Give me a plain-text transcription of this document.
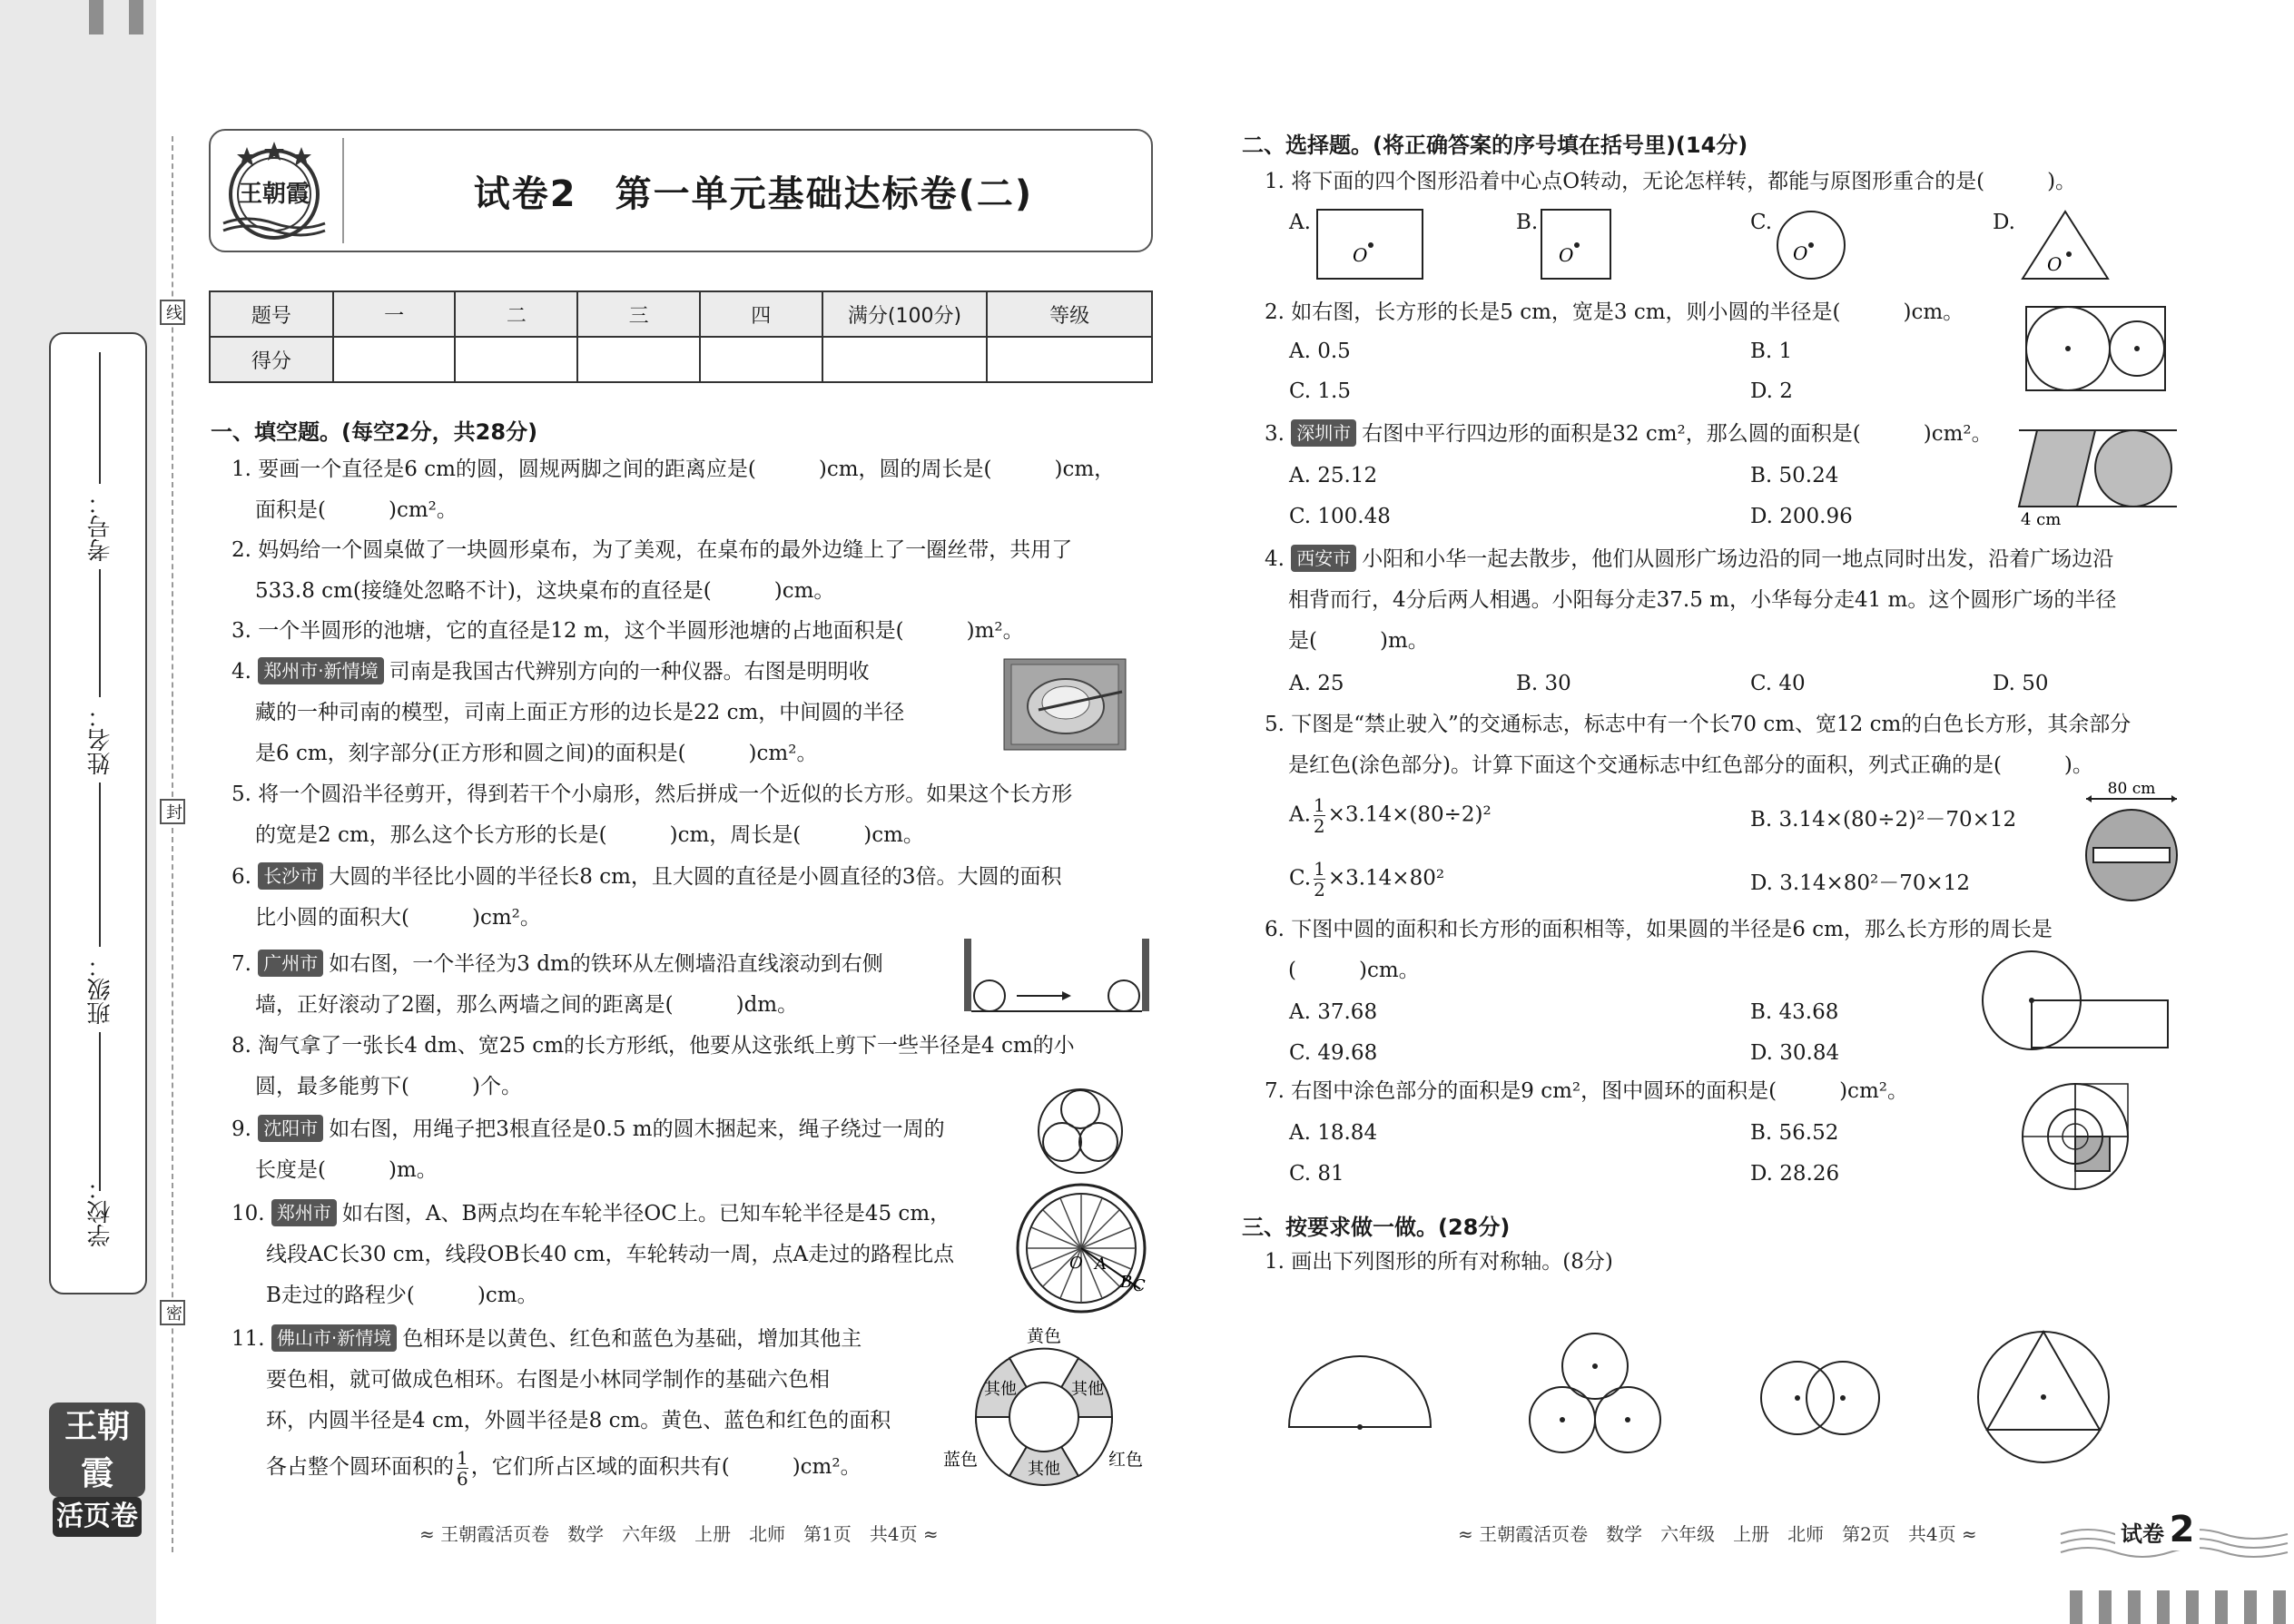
考号：
姓名：
班级：
学校：
线
封
密
王朝霞
活页卷
王朝霞	试卷2　第一单元基础达标卷(二)
题号	一	二	三	四	满分(100分)	等级
得分						
一、填空题。(每空2分，共28分)
1. 要画一个直径是6 cm的圆，圆规两脚之间的距离应是(　　　)cm，圆的周长是(　　　)cm，
面积是(　　　)cm²。
2. 妈妈给一个圆桌做了一块圆形桌布，为了美观，在桌布的最外边缝上了一圈丝带，共用了
533.8 cm(接缝处忽略不计)，这块桌布的直径是(　　　)cm。
3. 一个半圆形的池塘，它的直径是12 m，这个半圆形池塘的占地面积是(　　　)m²。
4. 郑州市·新情境 司南是我国古代辨别方向的一种仪器。右图是明明收
藏的一种司南的模型，司南上面正方形的边长是22 cm，中间圆的半径
是6 cm，刻字部分(正方形和圆之间)的面积是(　　　)cm²。
5. 将一个圆沿半径剪开，得到若干个小扇形，然后拼成一个近似的长方形。如果这个长方形
的宽是2 cm，那么这个长方形的长是(　　　)cm，周长是(　　　)cm。
6. 长沙市 大圆的半径比小圆的半径长8 cm，且大圆的直径是小圆直径的3倍。大圆的面积
比小圆的面积大(　　　)cm²。
7. 广州市 如右图，一个半径为3 dm的铁环从左侧墙沿直线滚动到右侧
墙，正好滚动了2圈，那么两墙之间的距离是(　　　)dm。
8. 淘气拿了一张长4 dm、宽25 cm的长方形纸，他要从这张纸上剪下一些半径是4 cm的小
圆，最多能剪下(　　　)个。
9. 沈阳市 如右图，用绳子把3根直径是0.5 m的圆木捆起来，绳子绕过一周的
长度是(　　　)m。
10. 郑州市 如右图，A、B两点均在车轮半径OC上。已知车轮半径是45 cm，
线段AC长30 cm，线段OB长40 cm，车轮转动一周，点A走过的路程比点
B走过的路程少(　　　)cm。
11. 佛山市·新情境 色相环是以黄色、红色和蓝色为基础，增加其他主
要色相，就可做成色相环。右图是小林同学制作的基础六色相
环，内圆半径是4 cm，外圆半径是8 cm。黄色、蓝色和红色的面积
各占整个圆环面积的 $\frac{1}{6}$ ，它们所占区域的面积共有(　　　)cm²。
O A
B C
黄色
其他	其他
蓝色	其他	红色
≈ 王朝霞活页卷　数学　六年级　上册　北师　第1页　共4页 ≈
二、选择题。(将正确答案的序号填在括号里)(14分)
1. 将下面的四个图形沿着中心点O转动，无论怎样转，都能与原图形重合的是(　　　)。
A.	B.	C.	D.
O	O	O	O
2. 如右图，长方形的长是5 cm，宽是3 cm，则小圆的半径是(　　　)cm。
A. 0.5	B. 1
C. 1.5	D. 2
3. 深圳市 右图中平行四边形的面积是32 cm²，那么圆的面积是(　　　)cm²。
A. 25.12	B. 50.24
C. 100.48	D. 200.96	4 cm
4. 西安市 小阳和小华一起去散步，他们从圆形广场边沿的同一地点同时出发，沿着广场边沿
相背而行，4分后两人相遇。小阳每分走37.5 m，小华每分走41 m。这个圆形广场的半径
是(　　　)m。
A. 25	B. 30	C. 40	D. 50
5. 下图是“禁止驶入”的交通标志，标志中有一个长70 cm、宽12 cm的白色长方形，其余部分
是红色(涂色部分)。计算下面这个交通标志中红色部分的面积，列式正确的是(　　　)。
A. $\frac{1}{2} \times 3.14\times(80\div 2)^2$	B. 3.14×(80÷2)²－70×12
C. $\frac{1}{2} \times 3.14\times 80^2$	D. 3.14×80²－70×12
80 cm
6. 下图中圆的面积和长方形的面积相等，如果圆的半径是6 cm，那么长方形的周长是
(　　　)cm。
A. 37.68	B. 43.68
C. 49.68	D. 30.84
7. 右图中涂色部分的面积是9 cm²，图中圆环的面积是(　　　)cm²。
A. 18.84	B. 56.52
C. 81	D. 28.26
三、按要求做一做。(28分)
1. 画出下列图形的所有对称轴。(8分)
≈ 王朝霞活页卷　数学　六年级　上册　北师　第2页　共4页 ≈	试卷 2
